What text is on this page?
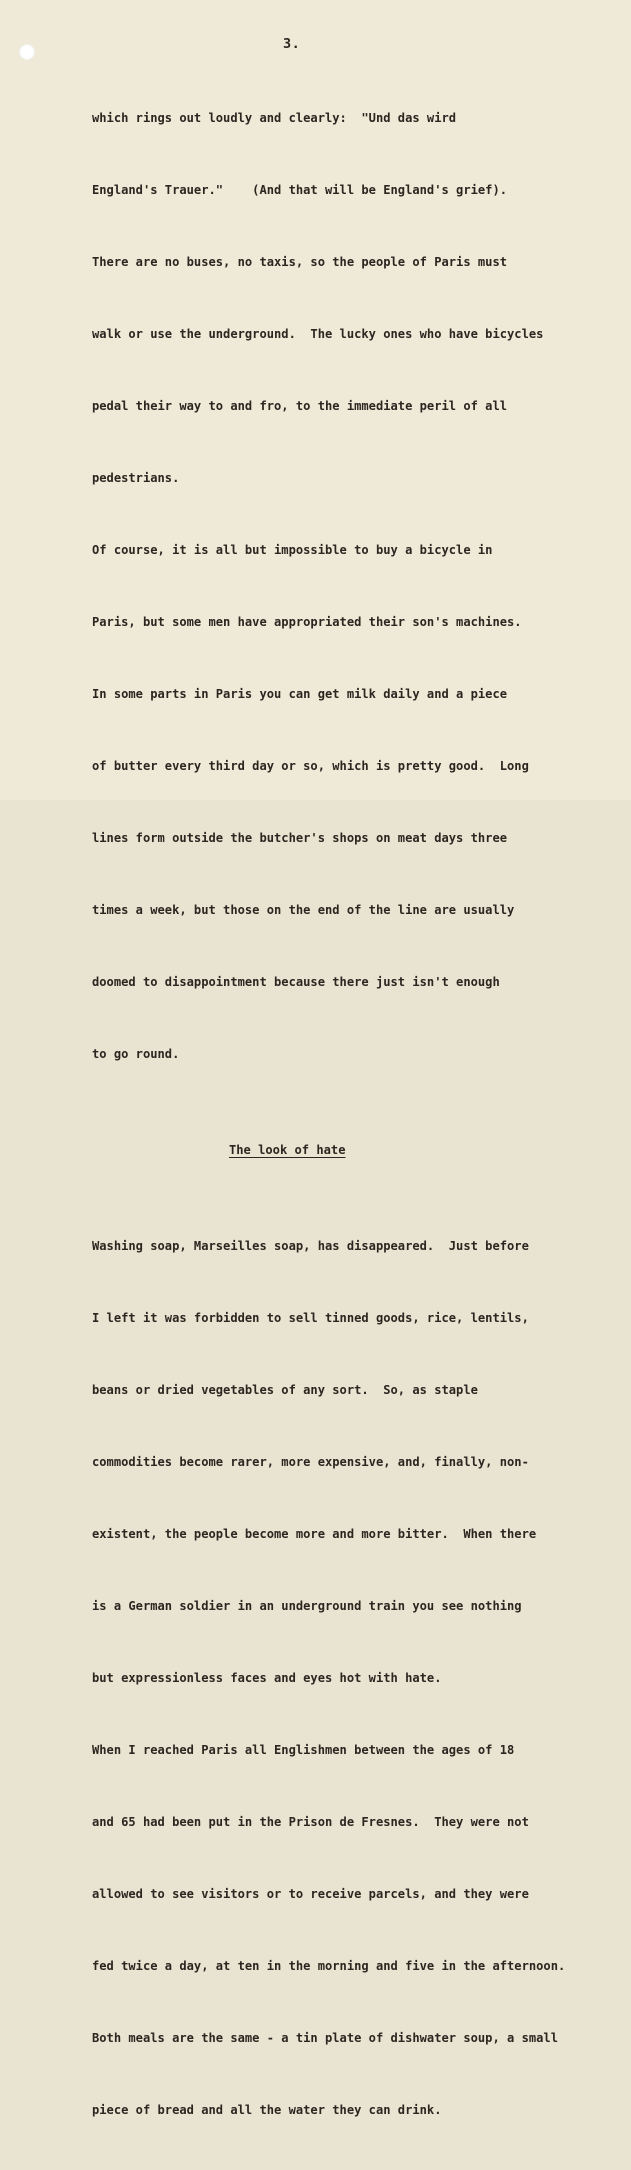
3.

which rings out loudly and clearly:  "Und das wird

England's Trauer."    (And that will be England's grief).

There are no buses, no taxis, so the people of Paris must

walk or use the underground.  The lucky ones who have bicycles

pedal their way to and fro, to the immediate peril of all

pedestrians.

Of course, it is all but impossible to buy a bicycle in

Paris, but some men have appropriated their son's machines.

In some parts in Paris you can get milk daily and a piece

of butter every third day or so, which is pretty good.  Long

lines form outside the butcher's shops on meat days three

times a week, but those on the end of the line are usually

doomed to disappointment because there just isn't enough

to go round.

The look of hate

Washing soap, Marseilles soap, has disappeared.  Just before

I left it was forbidden to sell tinned goods, rice, lentils,

beans or dried vegetables of any sort.  So, as staple

commodities become rarer, more expensive, and, finally, non-

existent, the people become more and more bitter.  When there

is a German soldier in an underground train you see nothing

but expressionless faces and eyes hot with hate.

When I reached Paris all Englishmen between the ages of 18

and 65 had been put in the Prison de Fresnes.  They were not

allowed to see visitors or to receive parcels, and they were

fed twice a day, at ten in the morning and five in the afternoon.

Both meals are the same - a tin plate of dishwater soup, a small

piece of bread and all the water they can drink.
